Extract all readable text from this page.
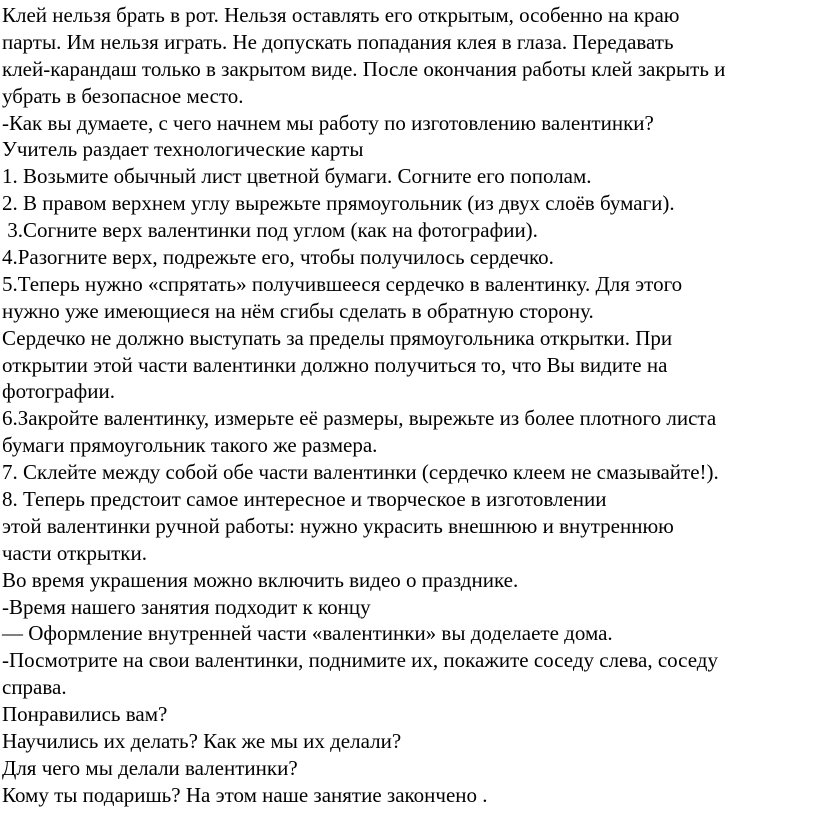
Клей нельзя брать в рот. Нельзя оставлять его открытым, особенно на краю
парты. Им нельзя играть. Не допускать попадания клея в глаза. Передавать
клей-карандаш только в закрытом виде. После окончания работы клей закрыть и
убрать в безопасное место.
-Как вы думаете, с чего начнем мы работу по изготовлению валентинки?
Учитель раздает технологические карты
1. Возьмите обычный лист цветной бумаги. Согните его пополам.
2. В правом верхнем углу вырежьте прямоугольник (из двух слоёв бумаги).
3.Согните верх валентинки под углом (как на фотографии).
4.Разогните верх, подрежьте его, чтобы получилось сердечко.
5.Теперь нужно «спрятать» получившееся сердечко в валентинку. Для этого
нужно уже имеющиеся на нём сгибы сделать в обратную сторону.
Сердечко не должно выступать за пределы прямоугольника открытки. При
открытии этой части валентинки должно получиться то, что Вы видите на
фотографии.
6.Закройте валентинку, измерьте её размеры, вырежьте из более плотного листа
бумаги прямоугольник такого же размера.
7. Склейте между собой обе части валентинки (сердечко клеем не смазывайте!).
8. Теперь предстоит самое интересное и творческое в изготовлении
этой валентинки ручной работы: нужно украсить внешнюю и внутреннюю
части открытки.
Во время украшения можно включить видео о празднике.
-Время нашего занятия подходит к концу
— Оформление внутренней части «валентинки» вы доделаете дома.
-Посмотрите на свои валентинки, поднимите их, покажите соседу слева, соседу
справа.
Понравились вам?
Научились их делать? Как же мы их делали?
Для чего мы делали валентинки?
Кому ты подаришь? На этом наше занятие закончено .
